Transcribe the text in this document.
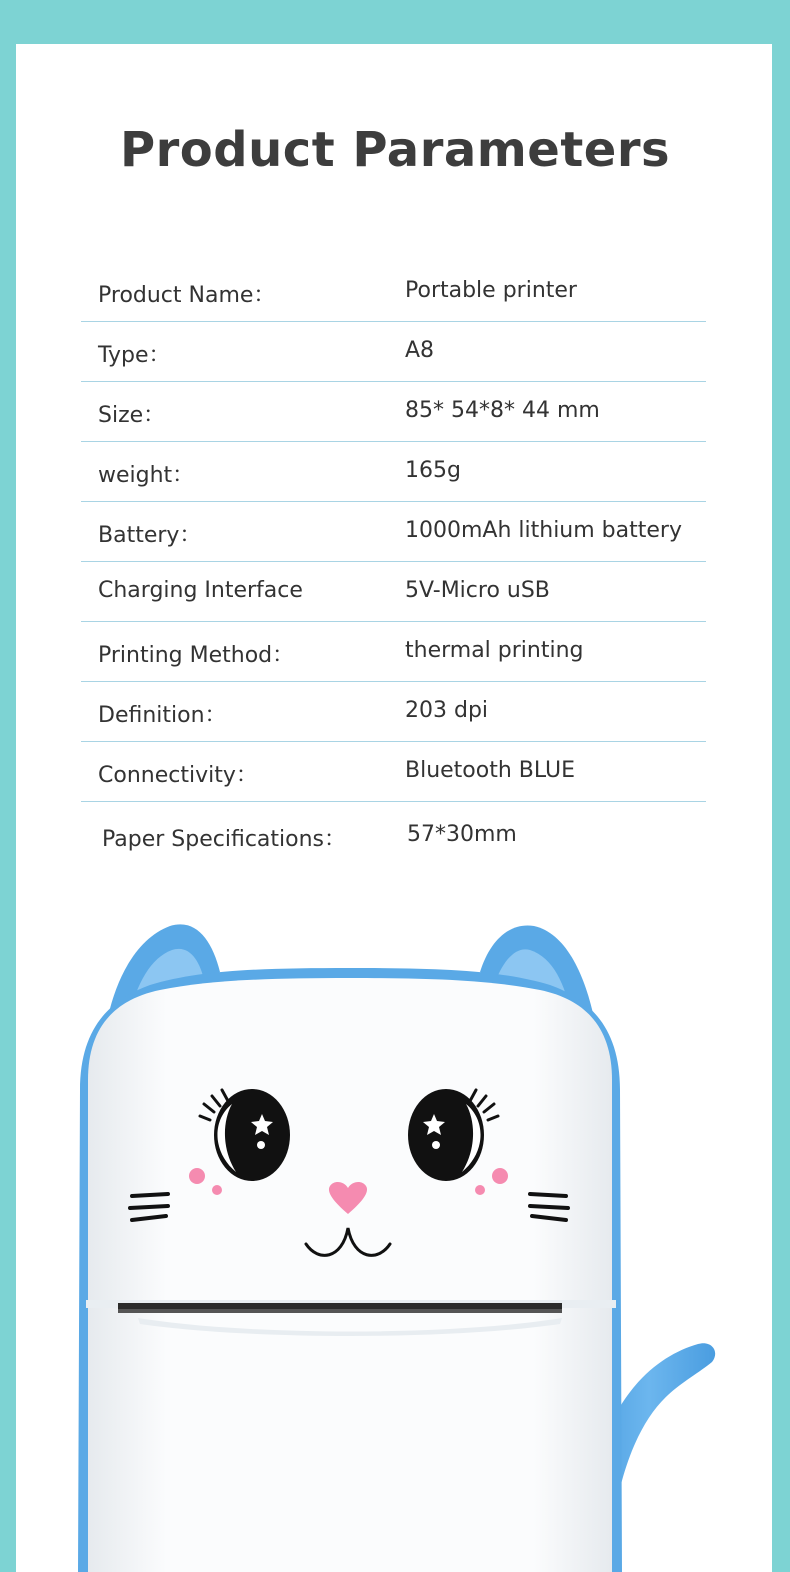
Product Parameters
Product Name：	Portable printer
Type：	A8
Size：	85* 54*8* 44 mm
weight：	165g
Battery：	1000mAh lithium battery
Charging Interface	5V-Micro uSB
Printing Method：	thermal printing
Definition：	203 dpi
Connectivity：	Bluetooth BLUE
Paper Specifications：	57*30mm
